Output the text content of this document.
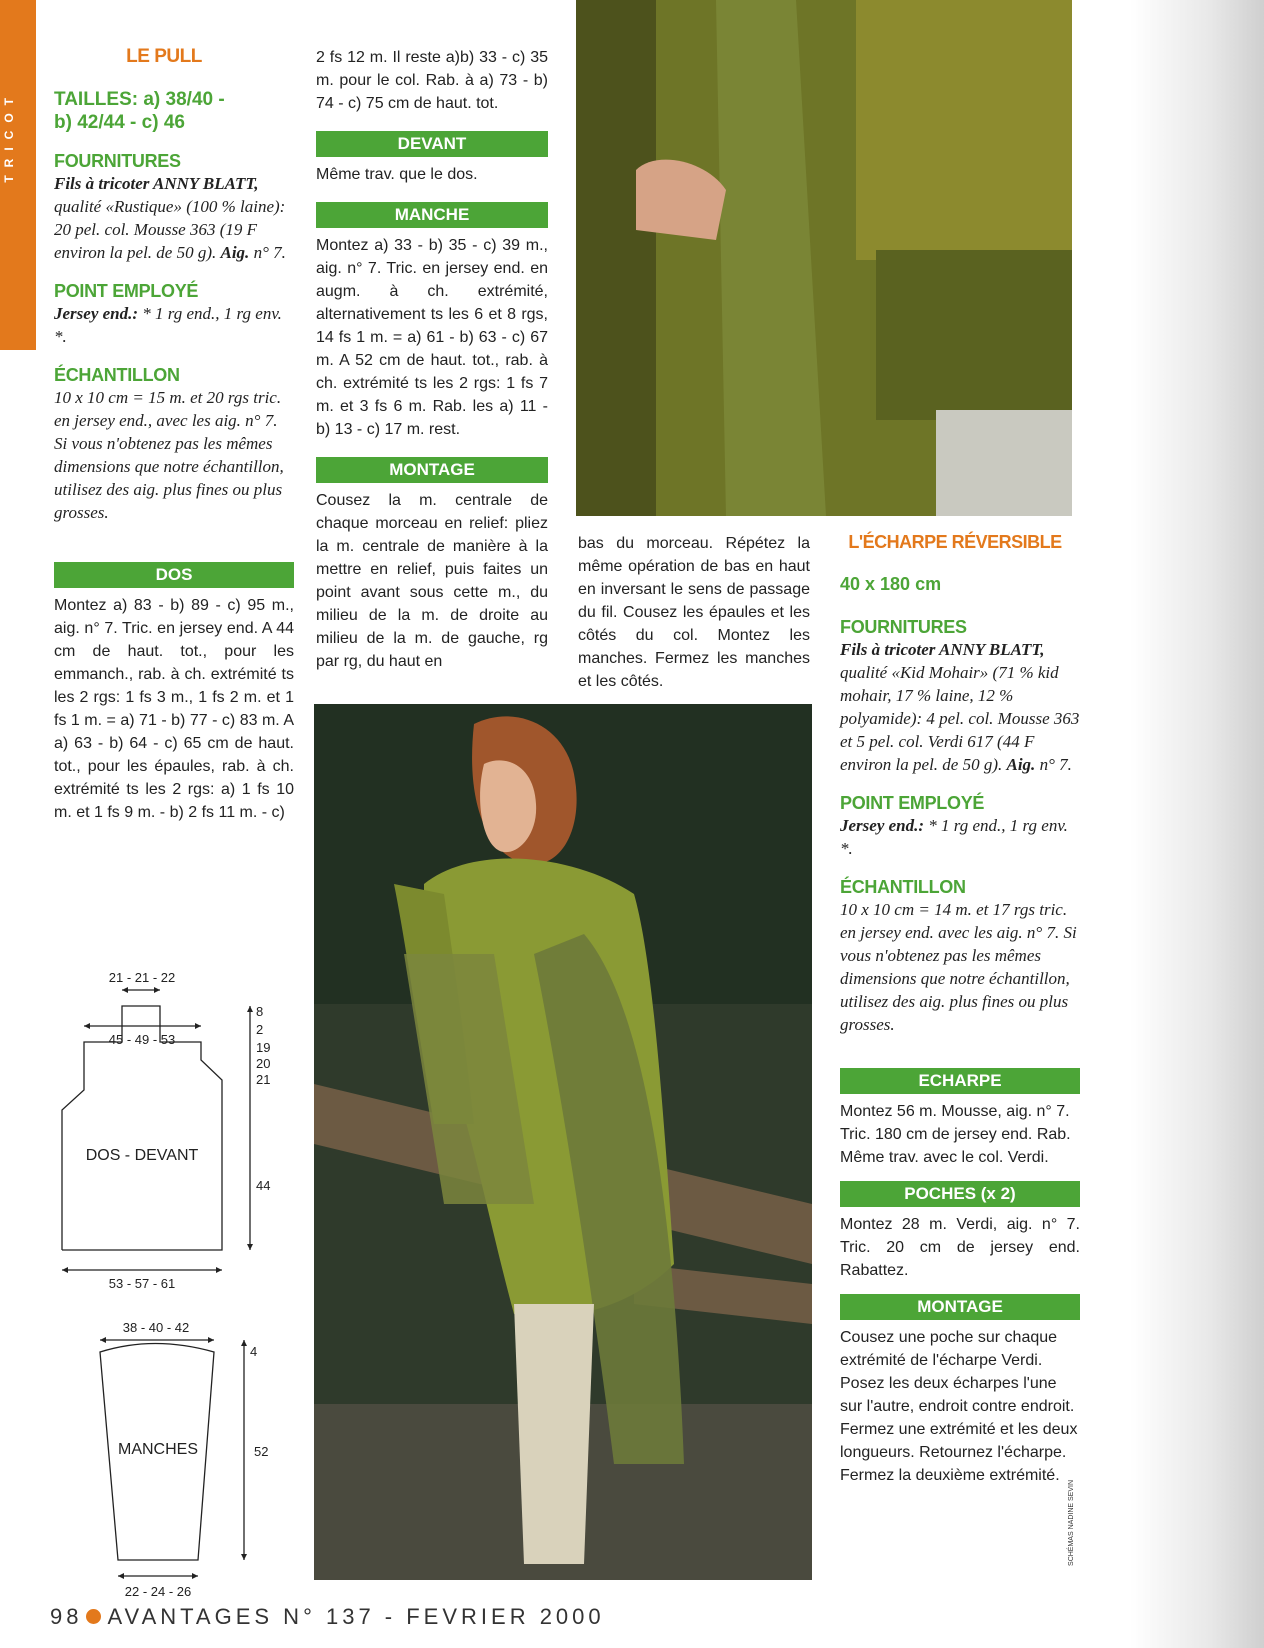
TRICOT
LE PULL
TAILLES: a) 38/40 -
b) 42/44 - c) 46
FOURNITURES
Fils à tricoter ANNY BLATT, qualité «Rustique» (100 % laine): 20 pel. col. Mousse 363 (19 F environ la pel. de 50 g). Aig. n° 7.
POINT EMPLOYÉ
Jersey end.: * 1 rg end., 1 rg env. *.
ÉCHANTILLON
10 x 10 cm = 15 m. et 20 rgs tric. en jersey end., avec les aig. n° 7. Si vous n'obtenez pas les mêmes dimensions que notre échantillon, utilisez des aig. plus fines ou plus grosses.
DOS
Montez a) 83 - b) 89 - c) 95 m., aig. n° 7. Tric. en jersey end. A 44 cm de haut. tot., pour les emmanch., rab. à ch. extrémité ts les 2 rgs: 1 fs 3 m., 1 fs 2 m. et 1 fs 1 m. = a) 71 - b) 77 - c) 83 m. A a) 63 - b) 64 - c) 65 cm de haut. tot., pour les épaules, rab. à ch. extrémité ts les 2 rgs: a) 1 fs 10 m. et 1 fs 9 m. - b) 2 fs 11 m. - c)
2 fs 12 m. Il reste a)b) 33 - c) 35 m. pour le col. Rab. à a) 73 - b) 74 - c) 75 cm de haut. tot.
DEVANT
Même trav. que le dos.
MANCHE
Montez a) 33 - b) 35 - c) 39 m., aig. n° 7. Tric. en jersey end. en augm. à ch. extrémité, alternativement ts les 6 et 8 rgs, 14 fs 1 m. = a) 61 - b) 63 - c) 67 m. A 52 cm de haut. tot., rab. à ch. extrémité ts les 2 rgs: 1 fs 7 m. et 3 fs 6 m. Rab. les a) 11 - b) 13 - c) 17 m. rest.
MONTAGE
Cousez la m. centrale de chaque morceau en relief: pliez la m. centrale de manière à la mettre en relief, puis faites un point avant sous cette m., du milieu de la m. de droite au milieu de la m. de gauche, rg par rg, du haut en
bas du morceau. Répétez la même opération de bas en haut en inversant le sens de passage du fil. Cousez les épaules et les côtés du col. Montez les manches. Fermez les manches et les côtés.
L'ÉCHARPE RÉVERSIBLE
40 x 180 cm
FOURNITURES
Fils à tricoter ANNY BLATT, qualité «Kid Mohair» (71 % kid mohair, 17 % laine, 12 % polyamide): 4 pel. col. Mousse 363 et 5 pel. col. Verdi 617 (44 F environ la pel. de 50 g). Aig. n° 7.
POINT EMPLOYÉ
Jersey end.: * 1 rg end., 1 rg env. *.
ÉCHANTILLON
10 x 10 cm = 14 m. et 17 rgs tric. en jersey end. avec les aig. n° 7. Si vous n'obtenez pas les mêmes dimensions que notre échantillon, utilisez des aig. plus fines ou plus grosses.
ECHARPE
Montez 56 m. Mousse, aig. n° 7. Tric. 180 cm de jersey end. Rab. Même trav. avec le col. Verdi.
POCHES (x 2)
Montez 28 m. Verdi, aig. n° 7. Tric. 20 cm de jersey end. Rabattez.
MONTAGE
Cousez une poche sur chaque extrémité de l'écharpe Verdi. Posez les deux écharpes l'une sur l'autre, endroit contre endroit. Fermez une extrémité et les deux longueurs. Retournez l'écharpe. Fermez la deuxième extrémité.
21 - 21 - 22
45 - 49 - 53
DOS - DEVANT
53 - 57 - 61
8
2
19
20
21
44
38 - 40 - 42
MANCHES
4
52
22 - 24 - 26
SCHÉMAS NADINE SEVIN
98 AVANTAGES N° 137 - FEVRIER 2000
